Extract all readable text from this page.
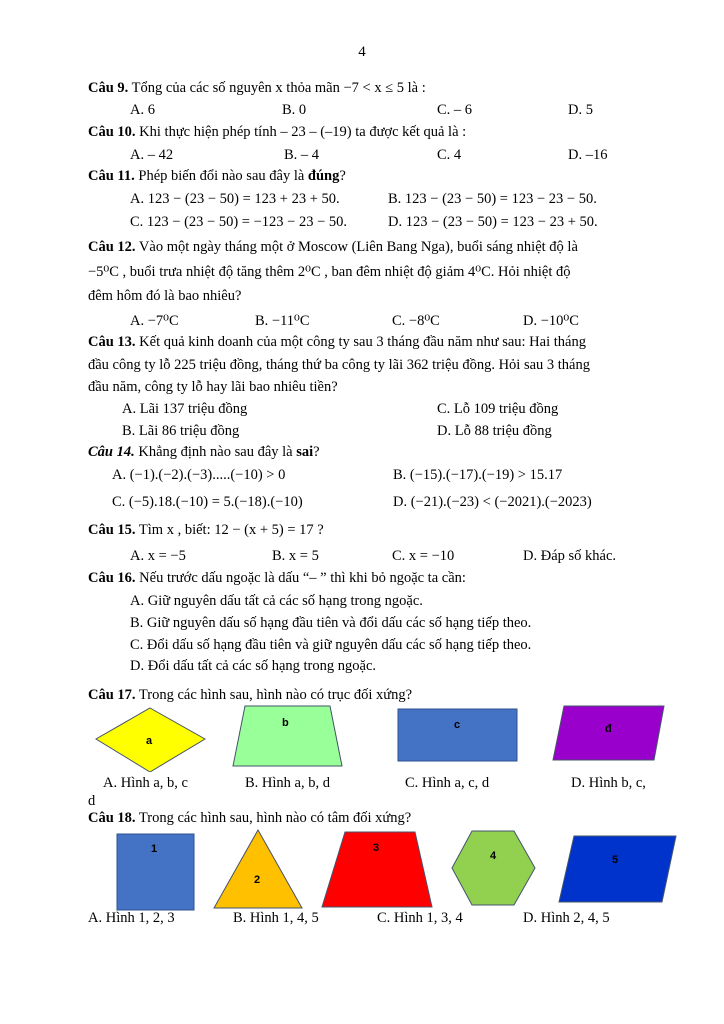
4
Câu 9. Tổng của các số nguyên x thỏa mãn −7 < x ≤ 5 là :
A. 6	B. 0	C. – 6	D. 5
Câu 10. Khi thực hiện phép tính – 23 – (–19) ta được kết quả là :
A. – 42	B. – 4	C. 4	D. –16
Câu 11. Phép biến đổi nào sau đây là đúng?
A. 123 − (23 − 50) = 123 + 23 + 50.	B. 123 − (23 − 50) = 123 − 23 − 50.
C. 123 − (23 − 50) = −123 − 23 − 50.	D. 123 − (23 − 50) = 123 − 23 + 50.
Câu 12. Vào một ngày tháng một ở Moscow (Liên Bang Nga), buổi sáng nhiệt độ là
−5⁰C , buổi trưa nhiệt độ tăng thêm 2⁰C , ban đêm nhiệt độ giảm 4⁰C. Hỏi nhiệt độ
đêm hôm đó là bao nhiêu?
A. −7⁰C	B. −11⁰C	C. −8⁰C	D. −10⁰C
Câu 13. Kết quả kinh doanh của một công ty sau 3 tháng đầu năm như sau: Hai tháng
đầu công ty lỗ 225 triệu đồng, tháng thứ ba công ty lãi 362 triệu đồng. Hỏi sau 3 tháng
đầu năm, công ty lỗ hay lãi bao nhiêu tiền?
A. Lãi 137 triệu đồng	C. Lỗ 109 triệu đồng
B. Lãi 86 triệu đồng	D. Lỗ 88 triệu đồng
Câu 14. Khẳng định nào sau đây là sai?
A. (−1).(−2).(−3).....(−10) > 0	B. (−15).(−17).(−19) > 15.17
C. (−5).18.(−10) = 5.(−18).(−10)	D. (−21).(−23) < (−2021).(−2023)
Câu 15. Tìm x , biết: 12 − (x + 5) = 17 ?
A. x = −5	B. x = 5	C. x = −10	D. Đáp số khác.
Câu 16. Nếu trước dấu ngoặc là dấu “– ” thì khi bỏ ngoặc ta cần:
A. Giữ nguyên dấu tất cả các số hạng trong ngoặc.
B. Giữ nguyên dấu số hạng đầu tiên và đổi dấu các số hạng tiếp theo.
C. Đổi dấu số hạng đầu tiên và giữ nguyên dấu các số hạng tiếp theo.
D. Đổi dấu tất cả các số hạng trong ngoặc.
Câu 17. Trong các hình sau, hình nào có trục đối xứng?
a
b	c	đ
A. Hình a, b, c	B. Hình a, b, d	C. Hình a, c, d	D. Hình b, c,
d
Câu 18. Trong các hình sau, hình nào có tâm đối xứng?
1
2
3
4	5
A. Hình 1, 2, 3	B. Hình 1, 4, 5	C. Hình 1, 3, 4	D. Hình 2, 4, 5
